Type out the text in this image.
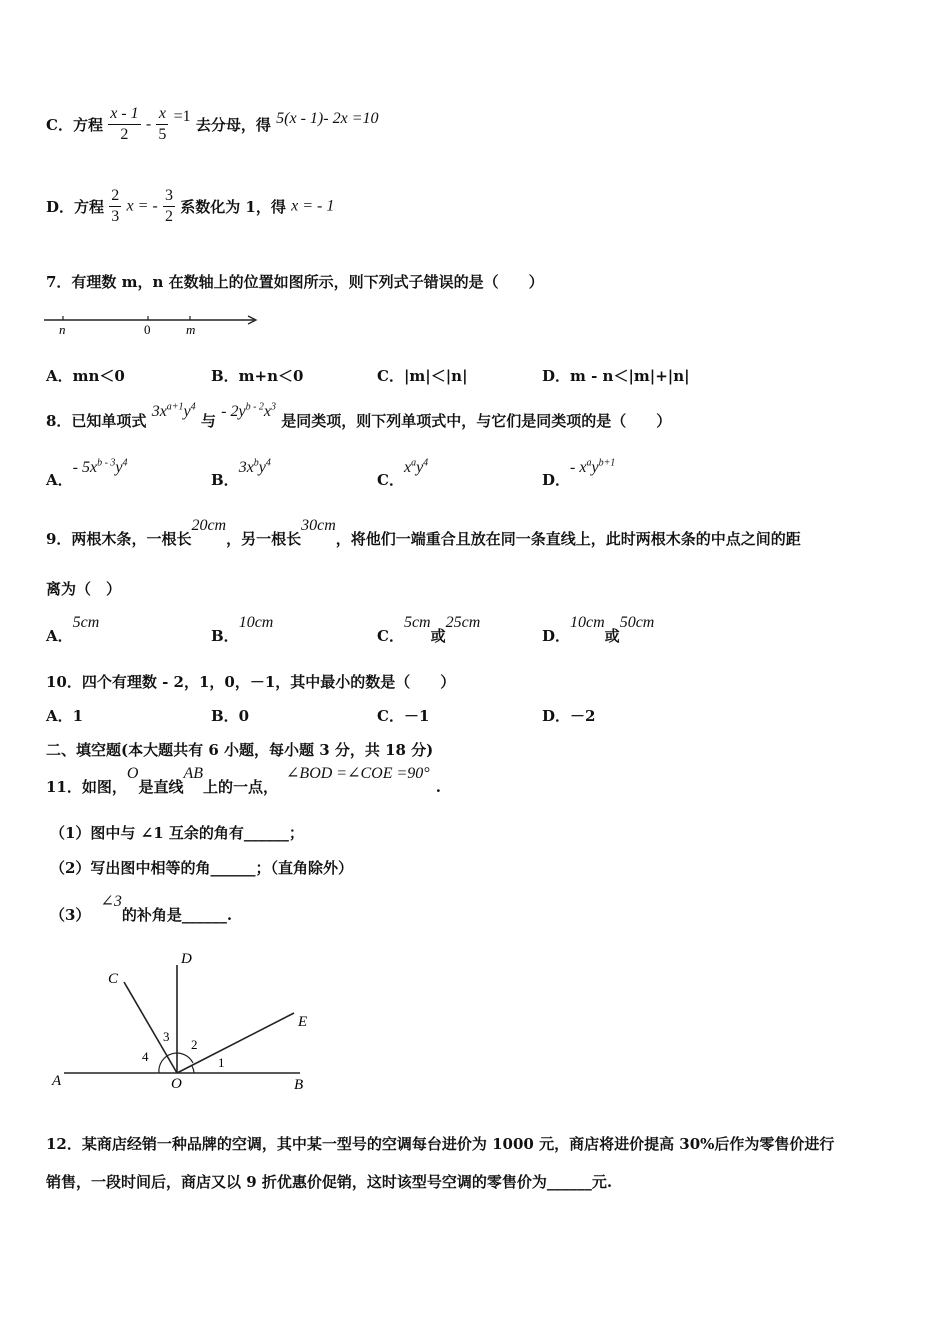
C．方程 $\frac{x - 1}{2} - \frac{x}{5} =1$ 去分母，得 5(x - 1)- 2x =10
D．方程 $\frac{2}{3}$ x = - $\frac{3}{2}$ 系数化为 1，得 x = - 1
7．有理数 m，n 在数轴上的位置如图所示，则下列式子错误的是（　　）
n	0	m
A．mn＜0	B．m+n＜0	C．|m|＜|n|	D．m - n＜|m|+|n|
8．已知单项式 $3x^{a+1}y^4$ 与 - $2y^{b - 2}x^3$ 是同类项，则下列单项式中，与它们是同类项的是（　　）
A．- $5x^{b - 3}y^4$
B．$3x^by^4$
C．$x^ay^4$
D．- $x^ay^{b+1}$
9．两根木条，一根长20cm，另一根长30cm，将他们一端重合且放在同一条直线上，此时两根木条的中点之间的距
离为（　）
A．5cm
B．10cm
C．5cm或25cm
D．10cm或50cm
10．四个有理数 - 2，1，0，－1，其中最小的数是（　　）
A．1	B．0	C．－1	D．－2
二、填空题(本大题共有 6 小题，每小题 3 分，共 18 分)
11．如图，O是直线AB上的一点，∠BOD =∠COE =90°.
（1）图中与 ∠1 互余的角有______；
（2）写出图中相等的角______；（直角除外）
（3）∠3的补角是______.
A	B
C
D
E
O
1
2
3
4
12．某商店经销一种品牌的空调，其中某一型号的空调每台进价为 1000 元，商店将进价提高 30%后作为零售价进行
销售，一段时间后，商店又以 9 折优惠价促销，这时该型号空调的零售价为______元.
